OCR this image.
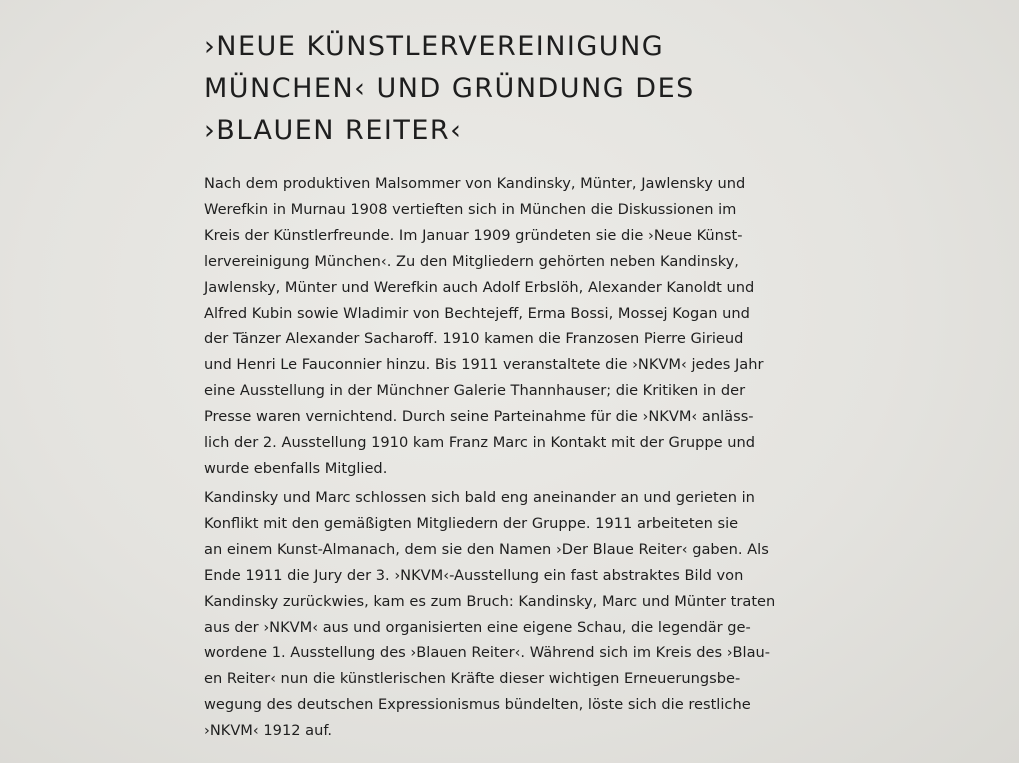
›NEUE KÜNSTLERVEREINIGUNG
MÜNCHEN‹ UND GRÜNDUNG DES
›BLAUEN REITER‹

Nach dem produktiven Malsommer von Kandinsky, Münter, Jawlensky und
Werefkin in Murnau 1908 vertieften sich in München die Diskussionen im
Kreis der Künstlerfreunde. Im Januar 1909 gründeten sie die ›Neue Künst-
lervereinigung München‹. Zu den Mitgliedern gehörten neben Kandinsky,
Jawlensky, Münter und Werefkin auch Adolf Erbslöh, Alexander Kanoldt und
Alfred Kubin sowie Wladimir von Bechtejeff, Erma Bossi, Mossej Kogan und
der Tänzer Alexander Sacharoff. 1910 kamen die Franzosen Pierre Girieud
und Henri Le Fauconnier hinzu. Bis 1911 veranstaltete die ›NKVM‹ jedes Jahr
eine Ausstellung in der Münchner Galerie Thannhauser; die Kritiken in der
Presse waren vernichtend. Durch seine Parteinahme für die ›NKVM‹ anläss-
lich der 2. Ausstellung 1910 kam Franz Marc in Kontakt mit der Gruppe und
wurde ebenfalls Mitglied.

Kandinsky und Marc schlossen sich bald eng aneinander an und gerieten in
Konflikt mit den gemäßigten Mitgliedern der Gruppe. 1911 arbeiteten sie
an einem Kunst-Almanach, dem sie den Namen ›Der Blaue Reiter‹ gaben. Als
Ende 1911 die Jury der 3. ›NKVM‹-Ausstellung ein fast abstraktes Bild von
Kandinsky zurückwies, kam es zum Bruch: Kandinsky, Marc und Münter traten
aus der ›NKVM‹ aus und organisierten eine eigene Schau, die legendär ge-
wordene 1. Ausstellung des ›Blauen Reiter‹. Während sich im Kreis des ›Blau-
en Reiter‹ nun die künstlerischen Kräfte dieser wichtigen Erneuerungsbe-
wegung des deutschen Expressionismus bündelten, löste sich die restliche
›NKVM‹ 1912 auf.
